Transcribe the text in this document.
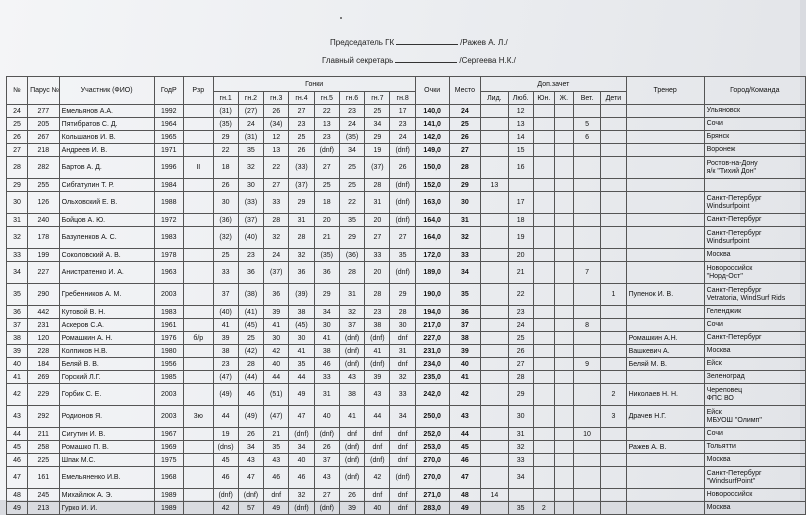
Председатель ГК	/Ражев А. Л./
Главный секретарь	/Сергеева Н.К./
№	Парус №	Участник (ФИО)	ГодР	Рзр	Гонки								Очки	Место	Доп.зачет						Тренер	Город/Команда
					гн.1	гн.2	гн.3	гн.4	гн.5	гн.6	гн.7	гн.8			Лид.	Люб.	Юн.	Ж.	Вет.	Дети		
24	277	Емельянов А.А.	1992		(31)	(27)	26	27	22	23	25	17	140,0	24		12						Ульяновск

25	205	Пятибратов С. Д.	1964		(35)	24	(34)	23	13	24	34	23	141,0	25		13			5			Сочи

26	267	Кольшанов И. В.	1965		29	(31)	12	25	23	(35)	29	24	142,0	26		14			6			Брянск

27	218	Андреев И. В.	1971		22	35	13	26	(dnf)	34	19	(dnf)	149,0	27		15						Воронеж

28	282	Бартов А. Д.	1996	II	18	32	22	(33)	27	25	(37)	26	150,0	28		16						Ростов-на-Дону
я/к "Тихий Дон"

29	255	Сибгатулин Т. Р.	1984		26	30	27	(37)	25	25	28	(dnf)	152,0	29	13							

30	126	Ольховский Е. В.	1988		30	(33)	33	29	18	22	31	(dnf)	163,0	30		17						Санкт-Петербург
Windsurfpoint

31	240	Бойцов А. Ю.	1972		(36)	(37)	28	31	20	35	20	(dnf)	164,0	31		18						Санкт-Петербург

32	178	Базуленков А. С.	1983		(32)	(40)	32	28	21	29	27	27	164,0	32		19						Санкт-Петербург
Windsurfpoint

33	199	Соколовский А. В.	1978		25	23	24	32	(35)	(36)	33	35	172,0	33		20						Москва

34	227	Анистратенко И. А.	1963		33	36	(37)	36	36	28	20	(dnf)	189,0	34		21			7			Новороссийск
"Норд-Ост"

35	290	Гребенников А. М.	2003		37	(38)	36	(39)	29	31	28	29	190,0	35		22				1	Пупенок И. В.	Санкт-Петербург
Vetratoria, WindSurf Rids

36	442	Кутовой В. Н.	1983		(40)	(41)	39	38	34	32	23	28	194,0	36		23						Геленджик

37	231	Аскеров С.А.	1961		41	(45)	41	(45)	30	37	38	30	217,0	37		24			8			Сочи

38	120	Ромашкин А. Н.	1976	б/р	39	25	30	30	41	(dnf)	(dnf)	dnf	227,0	38		25					Ромашкин А.Н.	Санкт-Петербург

39	228	Колпиков Н.В.	1980		38	(42)	42	41	38	(dnf)	41	31	231,0	39		26					Вашкевич А.	Москва

40	184	Беляй В. В.	1956		23	28	40	35	46	(dnf)	(dnf)	dnf	234,0	40		27			9		Беляй М. В.	Ейск

41	269	Горский Л.Г.	1985		(47)	(44)	44	44	33	43	39	32	235,0	41		28						Зеленоград

42	229	Горбик С. Е.	2003		(49)	46	(51)	49	31	38	43	33	242,0	42		29				2	Николаев Н. Н.	Череповец
ФПС ВО

43	292	Родионов Я.	2003	3ю	44	(49)	(47)	47	40	41	44	34	250,0	43		30				3	Драчев Н.Г.	Ейск
МБУОШ "Олимп"

44	211	Сигутин И. В.	1967		19	26	21	(dnf)	(dnf)	dnf	dnf	dnf	252,0	44		31			10			Сочи

45	258	Ромашко П. В.	1969		(dns)	34	35	34	26	(dnf)	dnf	dnf	253,0	45		32					Ражев А. В.	Тольятти

46	225	Шпак М.С.	1975		45	43	43	40	37	(dnf)	(dnf)	dnf	270,0	46		33						Москва

47	161	Емельяненко И.В.	1968		46	47	46	46	43	(dnf)	42	(dnf)	270,0	47		34						Санкт-Петербург
"WindsurfPoint"

48	245	Михайлюк А. Э.	1989		(dnf)	(dnf)	dnf	32	27	26	dnf	dnf	271,0	48	14							Новороссийск

49	213	Гурко И. И.	1989		42	57	49	(dnf)	(dnf)	39	40	dnf	283,0	49		35	2					Москва
